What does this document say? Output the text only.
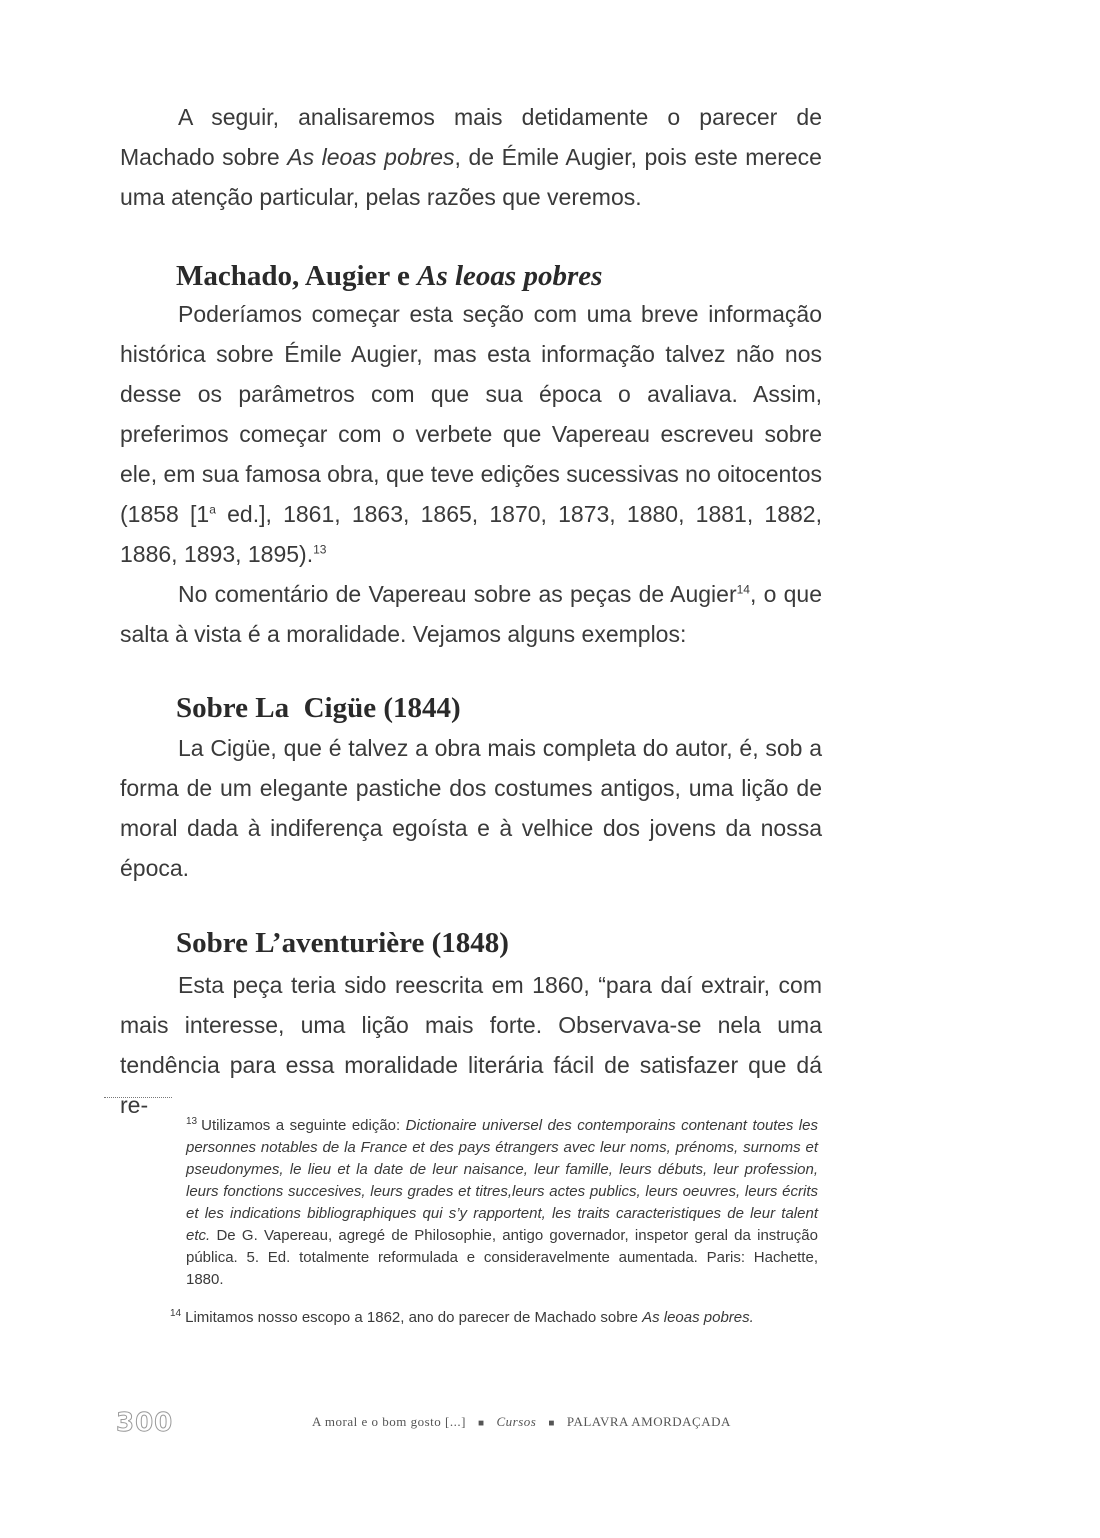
A seguir, analisaremos mais detidamente o parecer de Machado sobre As leoas pobres, de Émile Augier, pois este merece uma atenção particular, pelas razões que veremos.

Machado, Augier e As leoas pobres

Poderíamos começar esta seção com uma breve informação histórica sobre Émile Augier, mas esta informação talvez não nos desse os parâmetros com que sua época o avaliava. Assim, preferimos começar com o verbete que Vapereau escreveu sobre ele, em sua famosa obra, que teve edições sucessivas no oitocentos (1858 [1$^a$ ed.], 1861, 1863, 1865, 1870, 1873, 1880, 1881, 1882, 1886, 1893, 1895).$^{13}$

No comentário de Vapereau sobre as peças de Augier$^{14}$, o que salta à vista é a moralidade. Vejamos alguns exemplos:

Sobre La  Cigüe (1844)

La Cigüe, que é talvez a obra mais completa do autor, é, sob a forma de um elegante pastiche dos costumes antigos, uma lição de moral dada à indiferença egoísta e à velhice dos jovens da nossa época.

Sobre L’aventurière (1848)

Esta peça teria sido reescrita em 1860, “para daí extrair, com mais interesse, uma lição mais forte. Observava-se nela uma tendência para essa moralidade literária fácil de satisfazer que dá re-

$^{13}$ Utilizamos a seguinte edição: Dictionaire universel des contemporains contenant toutes les personnes notables de la France et des pays étrangers avec leur noms, prénoms, surnoms et pseudonymes, le lieu et la date de leur naisance, leur famille, leurs débuts, leur profession, leurs fonctions succesives, leurs grades et titres,leurs actes publics, leurs oeuvres, leurs écrits et les indications bibliographiques qui s’y rapportent, les traits caracteristiques de leur talent etc. De G. Vapereau, agregé de Philosophie, antigo governador, inspetor geral da instrução pública. 5. Ed. totalmente reformulada e consideravelmente aumentada. Paris: Hachette, 1880.

$^{14}$ Limitamos nosso escopo a 1862, ano do parecer de Machado sobre As leoas pobres.

300	A moral e o bom gosto [...] ■ Cursos ■ PALAVRA AMORDAÇADA
